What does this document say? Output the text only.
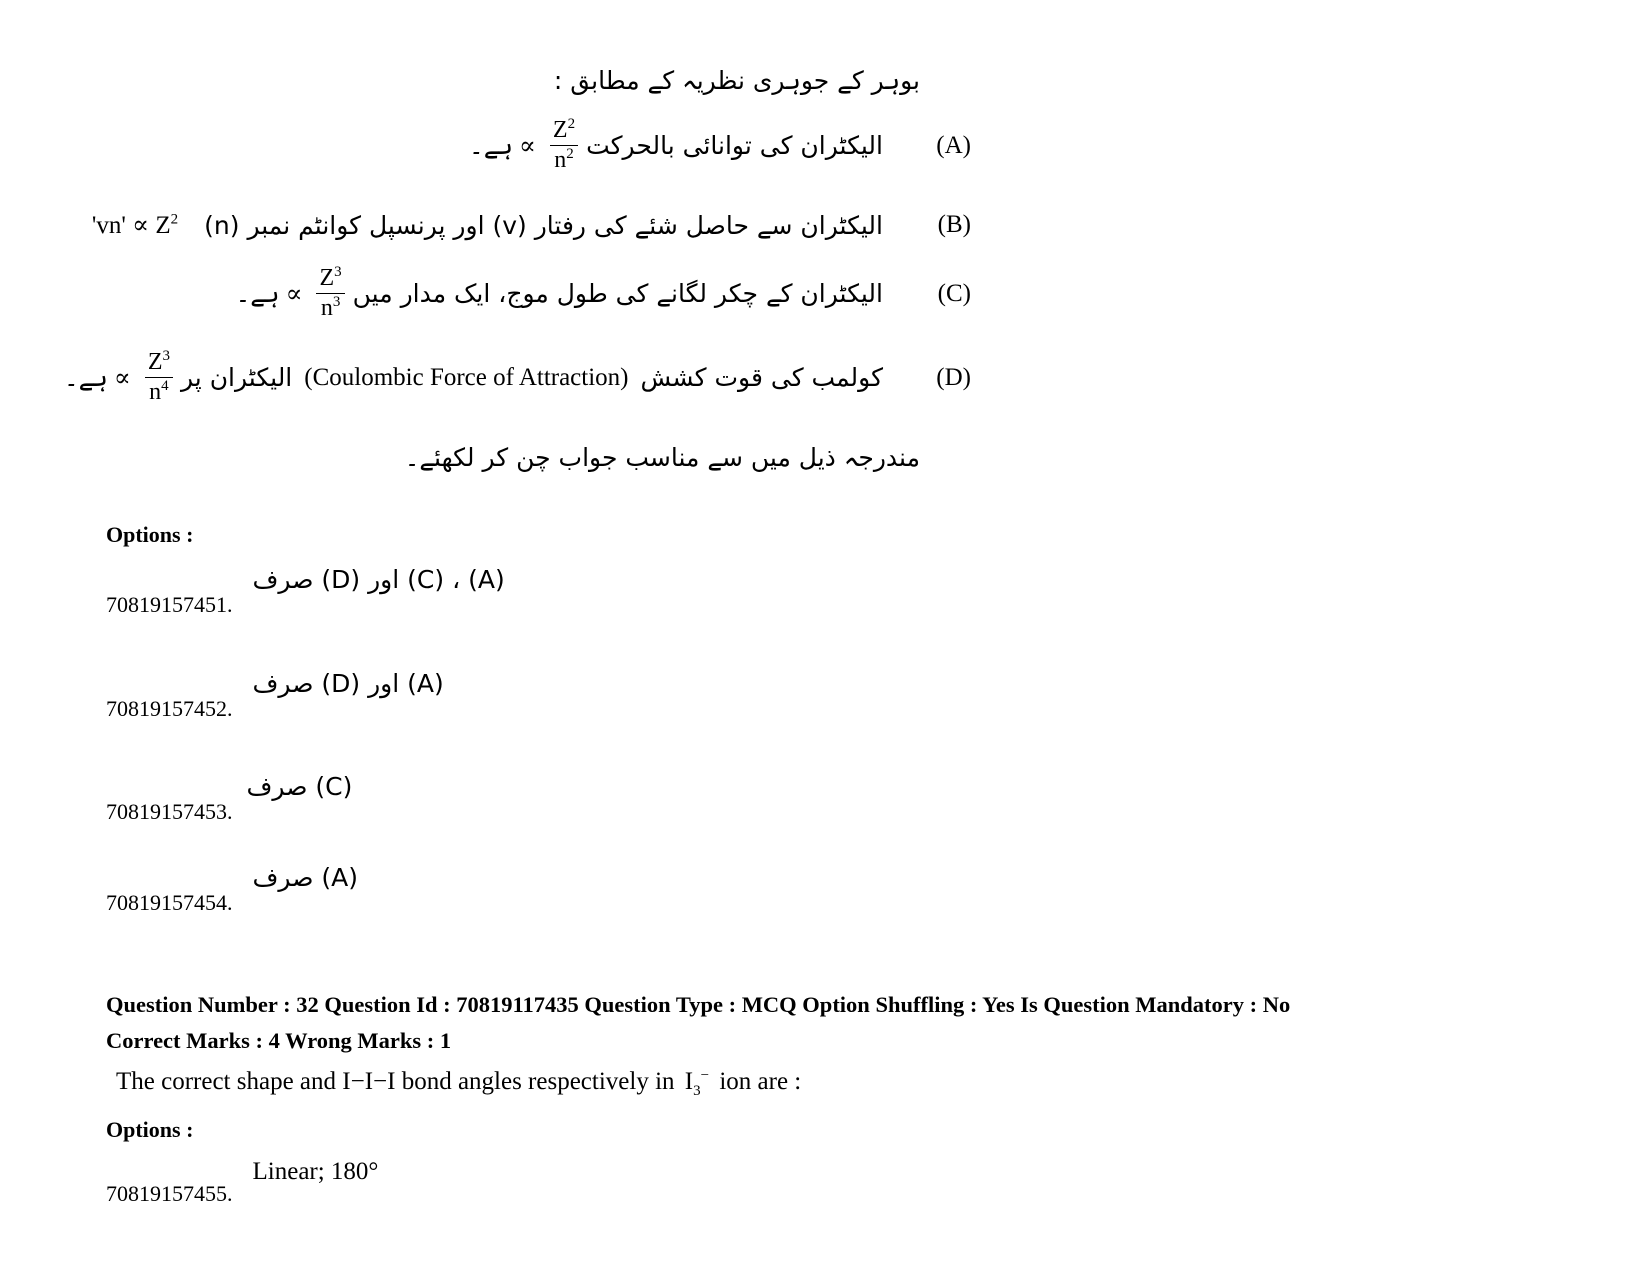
بوہر کے جوہری نظریہ کے مطابق :
(A)
الیکٹران کی توانائی بالحرکت
$\frac{Z^2}{n^2}$
∝
ہے۔
(B)
الیکٹران سے حاصل شئے کی رفتار (v) اور پرنسپل کوانٹم نمبر (n)
'$vn' \propto Z^2$
(C)
الیکٹران کے چکر لگانے کی طول موج، ایک مدار میں
$\frac{Z^3}{n^3}$
∝
ہے۔
(D)
کولمب کی قوت کشش
(Coulombic Force of Attraction)
الیکٹران پر
$\frac{Z^3}{n^4}$
∝
ہے۔
مندرجہ ذیل میں سے مناسب جواب چن کر لکھئے۔
Options :
70819157451. (A) ، (C) اور (D) صرف
70819157452. (A) اور (D) صرف
70819157453. (C) صرف
70819157454. (A) صرف
Question Number : 32 Question Id : 70819117435 Question Type : MCQ Option Shuffling : Yes Is Question Mandatory : No
Correct Marks : 4 Wrong Marks : 1
The correct shape and I−I−I bond angles respectively in $I_3^-$ ion are :
Options :
70819157455. Linear; 180°
